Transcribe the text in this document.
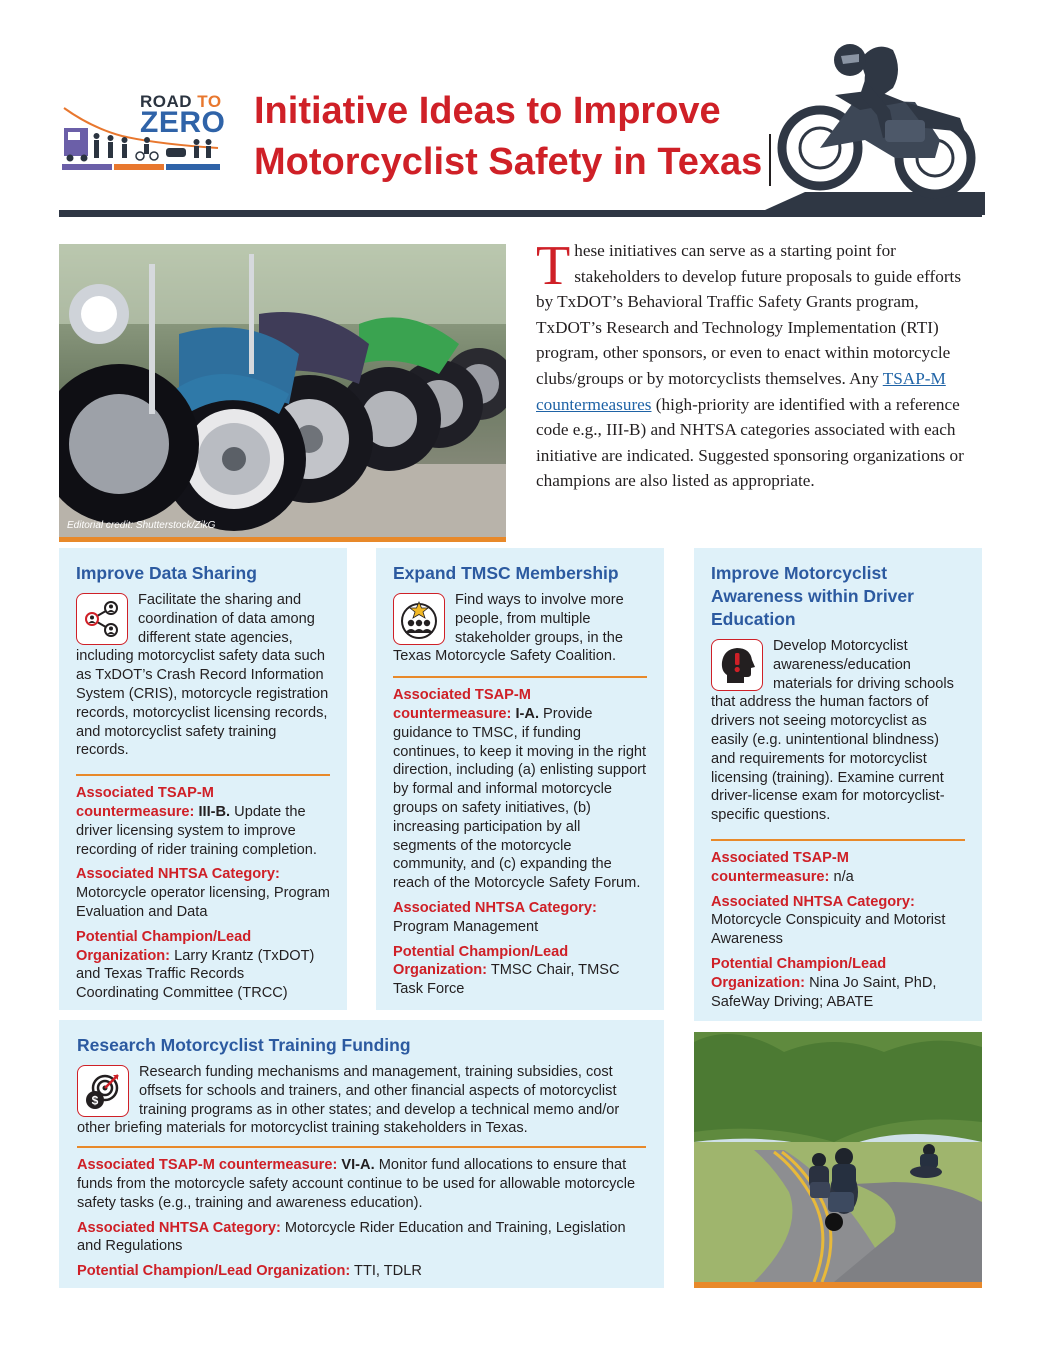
ROAD TO
ZERO Initiative Ideas to Improve
Motorcyclist Safety in Texas
Editorial credit: Shutterstock/ZikG
These initiatives can serve as a starting point for stakeholders to develop future proposals to guide efforts by TxDOT’s Behavioral Traffic Safety Grants program, TxDOT’s Research and Technology Implementation (RTI) program, other sponsors, or even to enact within motorcycle clubs/groups or by motorcyclists themselves. Any TSAP-M countermeasures (high-priority are identified with a reference code e.g., III-B) and NHTSA categories associated with each initiative are indicated. Suggested sponsoring organizations or champions are also listed as appropriate.
Improve Data Sharing
Facilitate the sharing and coordination of data among different state agencies, including motorcyclist safety data such as TxDOT’s Crash Record Information System (CRIS), motorcycle registration records, motorcyclist licensing records, and motorcyclist safety training records.

Associated TSAP-M countermeasure: III-B. Update the driver licensing system to improve recording of rider training completion.

Associated NHTSA Category: Motorcycle operator licensing, Program Evaluation and Data

Potential Champion/Lead Organization: Larry Krantz (TxDOT) and Texas Traffic Records Coordinating Committee (TRCC)

Expand TMSC Membership
Find ways to involve more people, from multiple stakeholder groups, in the Texas Motorcycle Safety Coalition.

Associated TSAP-M countermeasure: I-A. Provide guidance to TMSC, if funding continues, to keep it moving in the right direction, including (a) enlisting support by formal and informal motorcycle groups on safety initiatives, (b) increasing participation by all segments of the motorcycle community, and (c) expanding the reach of the Motorcycle Safety Forum.

Associated NHTSA Category: Program Management

Potential Champion/Lead Organization: TMSC Chair, TMSC Task Force

Improve Motorcyclist Awareness within Driver Education
Develop Motorcyclist awareness/education materials for driving schools that address the human factors of drivers not seeing motorcyclist as easily (e.g. unintentional blindness) and requirements for motorcyclist licensing (training). Examine current driver-license exam for motorcyclist-specific questions.

Associated TSAP-M countermeasure: n/a

Associated NHTSA Category: Motorcycle Conspicuity and Motorist Awareness

Potential Champion/Lead Organization: Nina Jo Saint, PhD, SafeWay Driving; ABATE

Research Motorcyclist Training Funding
$
Research funding mechanisms and management, training subsidies, cost offsets for schools and trainers, and other financial aspects of motorcyclist training programs as in other states; and develop a technical memo and/or other briefing materials for motorcyclist training stakeholders in Texas.

Associated TSAP-M countermeasure: VI-A. Monitor fund allocations to ensure that funds from the motorcycle safety account continue to be used for allowable motorcycle safety tasks (e.g., training and awareness education).

Associated NHTSA Category: Motorcycle Rider Education and Training, Legislation and Regulations

Potential Champion/Lead Organization: TTI, TDLR
